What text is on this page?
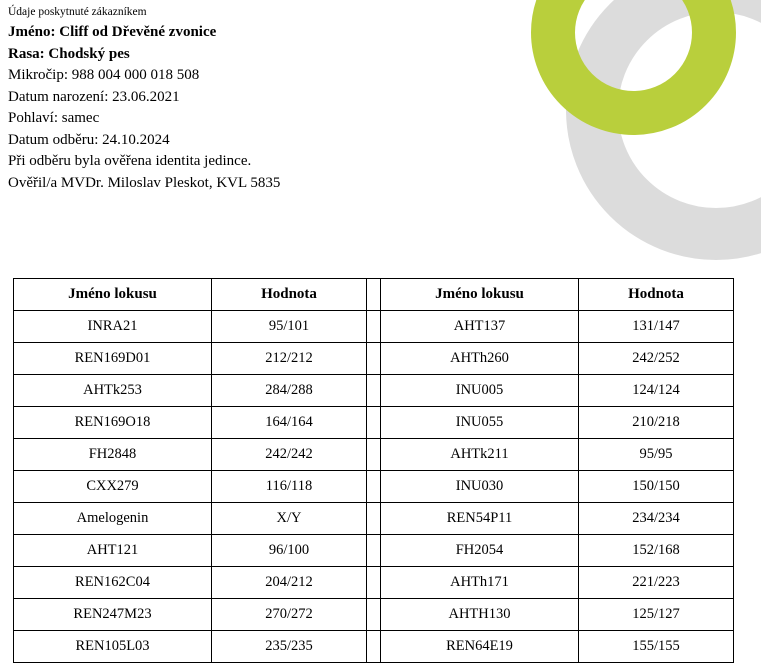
Údaje poskytnuté zákazníkem

Jméno: Cliff od Dřevěné zvonice

Rasa: Chodský pes

Mikročip: 988 004 000 018 508

Datum narození: 23.06.2021

Pohlaví: samec

Datum odběru: 24.10.2024

Při odběru byla ověřena identita jedince.

Ověřil/a MVDr. Miloslav Pleskot, KVL 5835

Jméno lokusu	Hodnota		Jméno lokusu	Hodnota
INRA21	95/101		AHT137	131/147
REN169D01	212/212		AHTh260	242/252
AHTk253	284/288		INU005	124/124
REN169O18	164/164		INU055	210/218
FH2848	242/242		AHTk211	95/95
CXX279	116/118		INU030	150/150
Amelogenin	X/Y		REN54P11	234/234
AHT121	96/100		FH2054	152/168
REN162C04	204/212		AHTh171	221/223
REN247M23	270/272		AHTH130	125/127
REN105L03	235/235		REN64E19	155/155
